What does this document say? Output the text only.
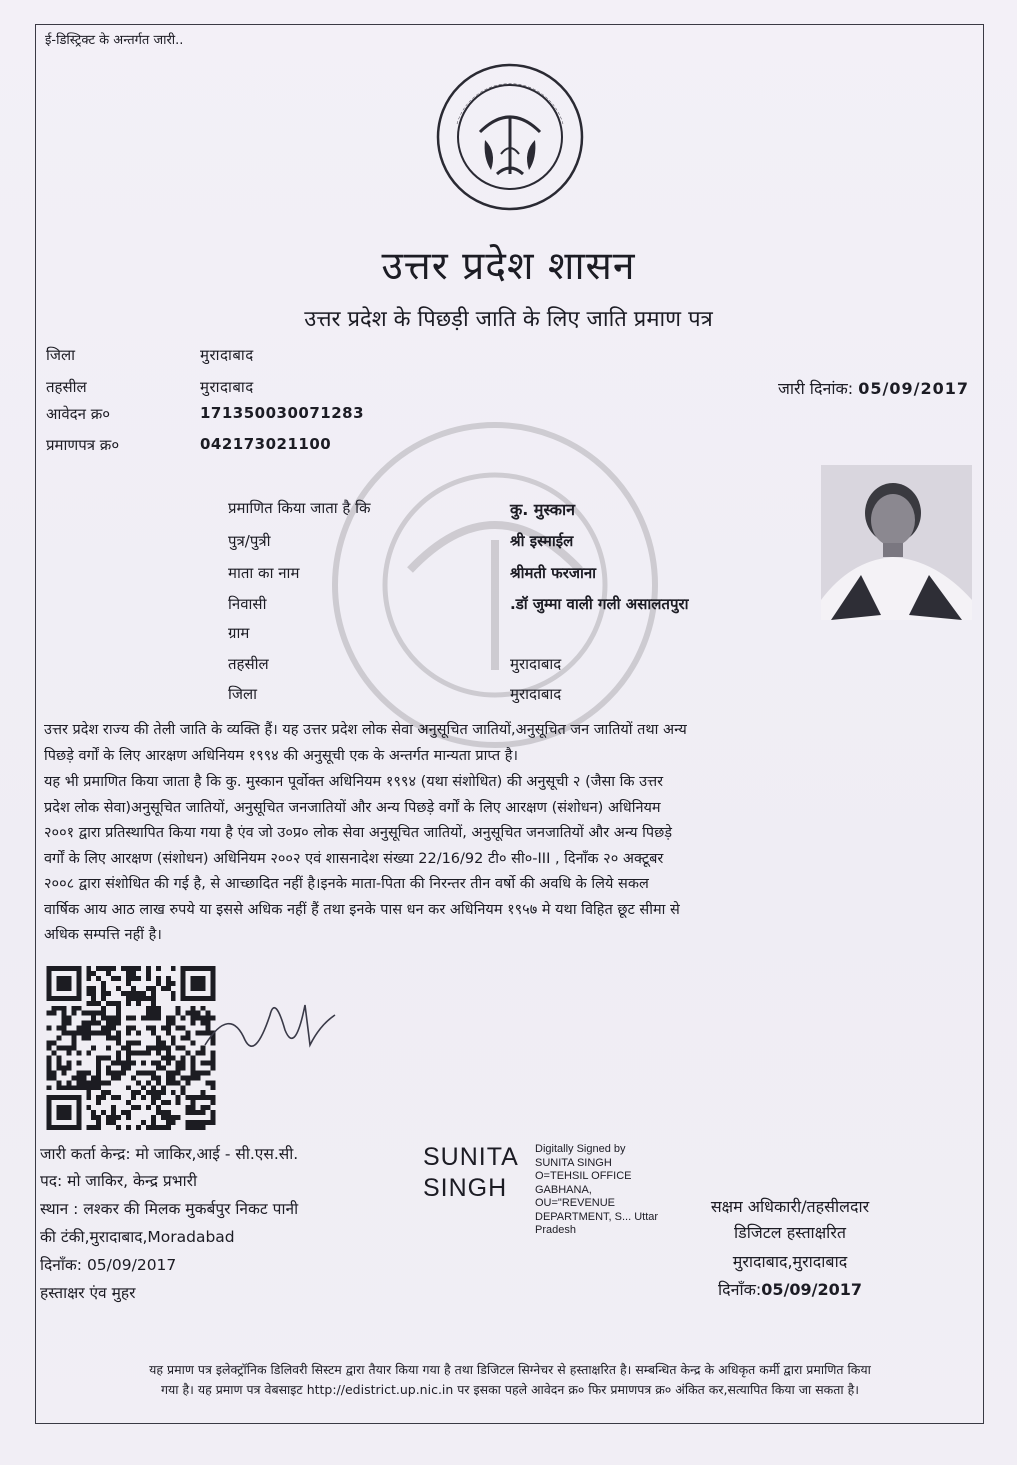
ई-डिस्ट्रिक्ट के अन्तर्गत जारी..
उत्तर प्रदेश शासन
उत्तर प्रदेश के पिछड़ी जाति के लिए जाति प्रमाण पत्र
जिला	मुरादाबाद
तहसील	मुरादाबाद
आवेदन क्र०	171350030071283
प्रमाणपत्र क्र०	042173021100
जारी दिनांक: 05/09/2017
प्रमाणित किया जाता है कि	कु. मुस्कान
पुत्र/पुत्री	श्री इस्माईल
माता का नाम	श्रीमती फरजाना
निवासी	.डॉ जुम्मा वाली गली असालतपुरा
ग्राम
तहसील	मुरादाबाद
जिला	मुरादाबाद
उत्तर प्रदेश राज्य की तेली जाति के व्यक्ति हैं। यह उत्तर प्रदेश लोक सेवा अनुसूचित जातियों,अनुसूचित जन जातियों तथा अन्य
पिछड़े वर्गों के लिए आरक्षण अधिनियम १९९४ की अनुसूची एक के अन्तर्गत मान्यता प्राप्त है।
यह भी प्रमाणित किया जाता है कि कु. मुस्कान पूर्वोक्त अधिनियम १९९४ (यथा संशोधित) की अनुसूची २ (जैसा कि उत्तर
प्रदेश लोक सेवा)अनुसूचित जातियों, अनुसूचित जनजातियों और अन्य पिछड़े वर्गों के लिए आरक्षण (संशोधन) अधिनियम
२००१ द्वारा प्रतिस्थापित किया गया है एंव जो उ०प्र० लोक सेवा अनुसूचित जातियों, अनुसूचित जनजातियों और अन्य पिछड़े
वर्गों के लिए आरक्षण (संशोधन) अधिनियम २००२ एवं शासनादेश संख्या 22/16/92 टी० सी०-III , दिनाँक २० अक्टूबर
२००८ द्वारा संशोधित की गई है, से आच्छादित नहीं है।इनके माता-पिता की निरन्तर तीन वर्षो की अवधि के लिये सकल
वार्षिक आय आठ लाख रुपये या इससे अधिक नहीं हैं तथा इनके पास धन कर अधिनियम १९५७ मे यथा विहित छूट सीमा से
अधिक सम्पत्ति नहीं है।

जारी कर्ता केन्द्र: मो जाकिर,आई - सी.एस.सी.
पद: मो जाकिर, केन्द्र प्रभारी
स्थान : लश्कर की मिलक मुकर्बपुर निकट पानी
की टंकी,मुरादाबाद,Moradabad
दिनाँक: 05/09/2017
हस्ताक्षर एंव मुहर
SUNITA
SINGH
Digitally Signed by
SUNITA SINGH
O=TEHSIL OFFICE
GABHANA,
OU="REVENUE
DEPARTMENT, S... Uttar
Pradesh
सक्षम अधिकारी/तहसीलदार
डिजिटल हस्ताक्षरित
मुरादाबाद,मुरादाबाद
दिनाँक:05/09/2017
यह प्रमाण पत्र इलेक्ट्रॉनिक डिलिवरी सिस्टम द्वारा तैयार किया गया है तथा डिजिटल सिग्नेचर से हस्ताक्षरित है। सम्बन्धित केन्द्र के अधिकृत कर्मी द्वारा प्रमाणित किया
गया है। यह प्रमाण पत्र वेबसाइट http://edistrict.up.nic.in पर इसका पहले आवेदन क्र० फिर प्रमाणपत्र क्र० अंकित कर,सत्यापित किया जा सकता है।
